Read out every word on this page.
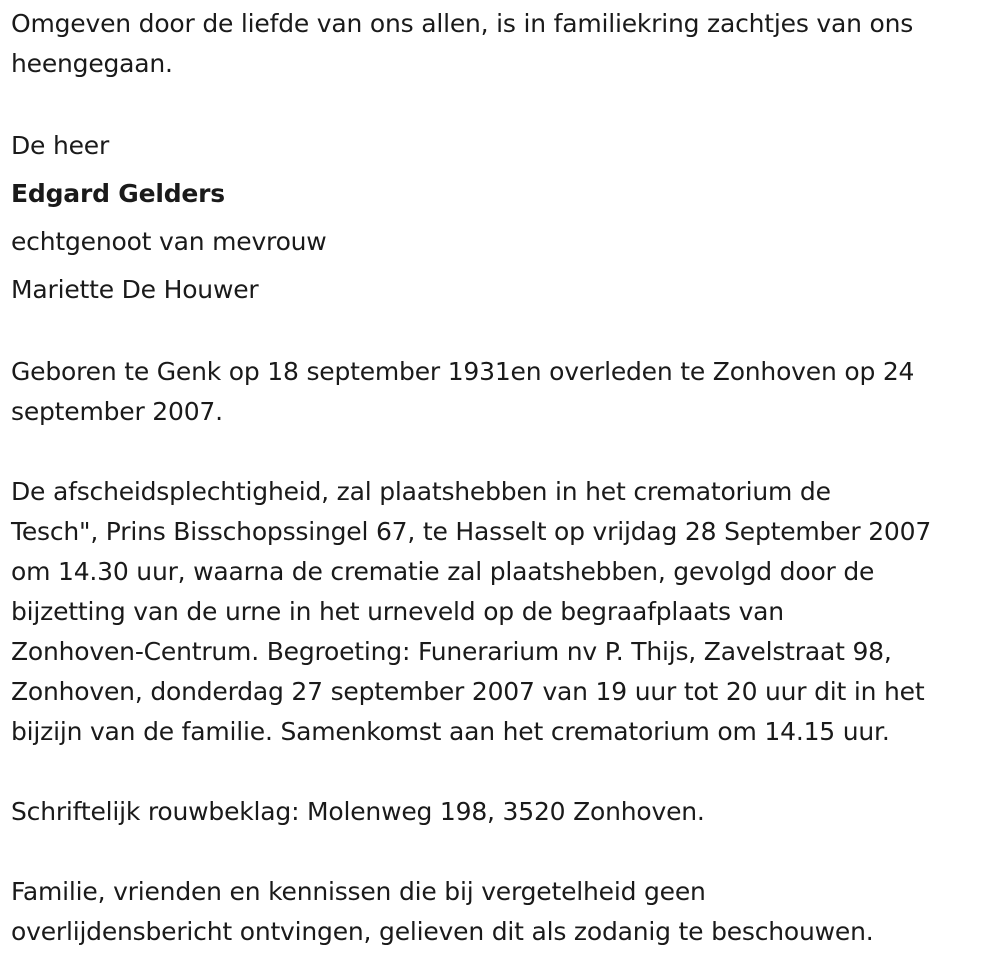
Omgeven door de liefde van ons allen, is in familiekring zachtjes van ons
heengegaan.

De heer

Edgard Gelders

echtgenoot van mevrouw

Mariette De Houwer

Geboren te Genk op 18 september 1931en overleden te Zonhoven op 24
september 2007.

De afscheidsplechtigheid, zal plaatshebben in het crematorium de
Tesch", Prins Bisschopssingel 67, te Hasselt op vrijdag 28 September 2007
om 14.30 uur, waarna de crematie zal plaatshebben, gevolgd door de
bijzetting van de urne in het urneveld op de begraafplaats van
Zonhoven-Centrum. Begroeting: Funerarium nv P. Thijs, Zavelstraat 98,
Zonhoven, donderdag 27 september 2007 van 19 uur tot 20 uur dit in het
bijzijn van de familie. Samenkomst aan het crematorium om 14.15 uur.

Schriftelijk rouwbeklag: Molenweg 198, 3520 Zonhoven.

Familie, vrienden en kennissen die bij vergetelheid geen
overlijdensbericht ontvingen, gelieven dit als zodanig te beschouwen.
